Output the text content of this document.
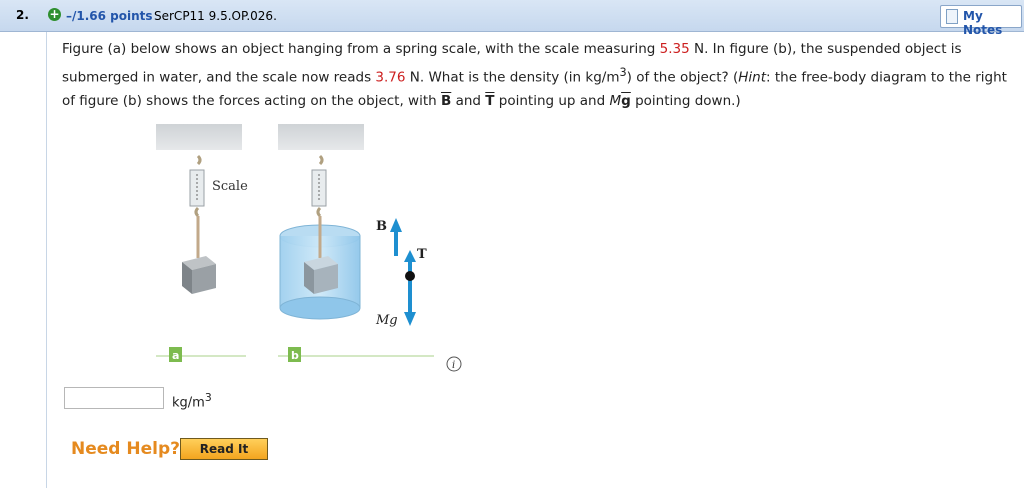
2. + –/1.66 points SerCP11 9.5.OP.026.	My Notes
Figure (a) below shows an object hanging from a spring scale, with the scale measuring 5.35 N. In figure (b), the suspended object is submerged in water, and the scale now reads 3.76 N. What is the density (in $kg/m^3$) of the object? (Hint: the free-body diagram to the right of figure (b) shows the forces acting on the object, with $\overline{B}$ and $\overline{T}$ pointing up and $M\overline{g}$ pointing down.)
Scale
B
T
Mg
a	b
i
$kg/m^3$
Need Help?	Read It
